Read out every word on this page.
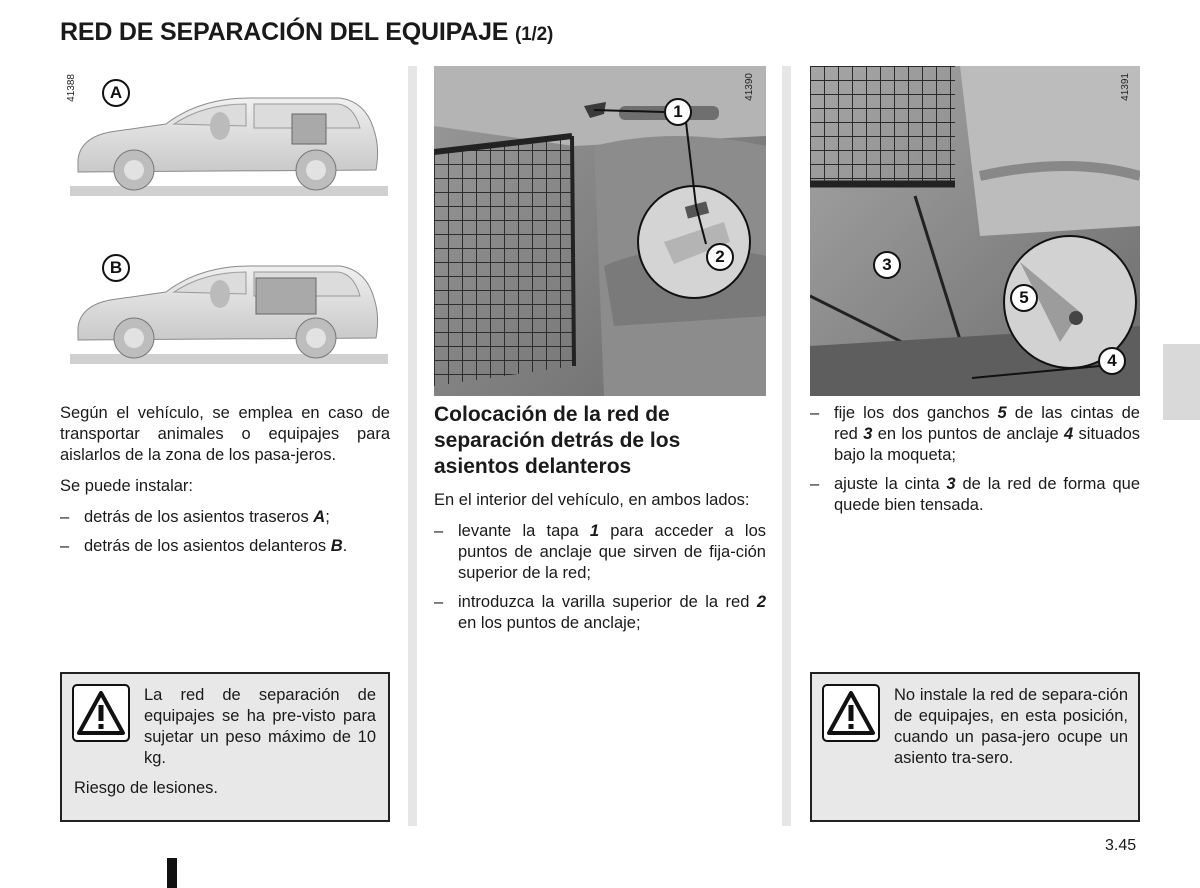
RED DE SEPARACIÓN DEL EQUIPAJE (1/2)
41388	A
B

Según el vehículo, se emplea en caso de transportar animales o equipajes para aislarlos de la zona de los pasa-jeros.

Se puede instalar:

– detrás de los asientos traseros A;
– detrás de los asientos delanteros B.
La red de separación de equipajes se ha pre-visto para sujetar un peso máximo de 10 kg.
Riesgo de lesiones.
41390
1
2
Colocación de la red de separación detrás de los asientos delanteros

En el interior del vehículo, en ambos lados:

– levante la tapa 1 para acceder a los puntos de anclaje que sirven de fija-ción superior de la red;
– introduzca la varilla superior de la red 2 en los puntos de anclaje;
41391
3
4
5
– fije los dos ganchos 5 de las cintas de red 3 en los puntos de anclaje 4 situados bajo la moqueta;
– ajuste la cinta 3 de la red de forma que quede bien tensada.
No instale la red de separa-ción de equipajes, en esta posición, cuando un pasa-jero ocupe un asiento tra-sero.
3.45
